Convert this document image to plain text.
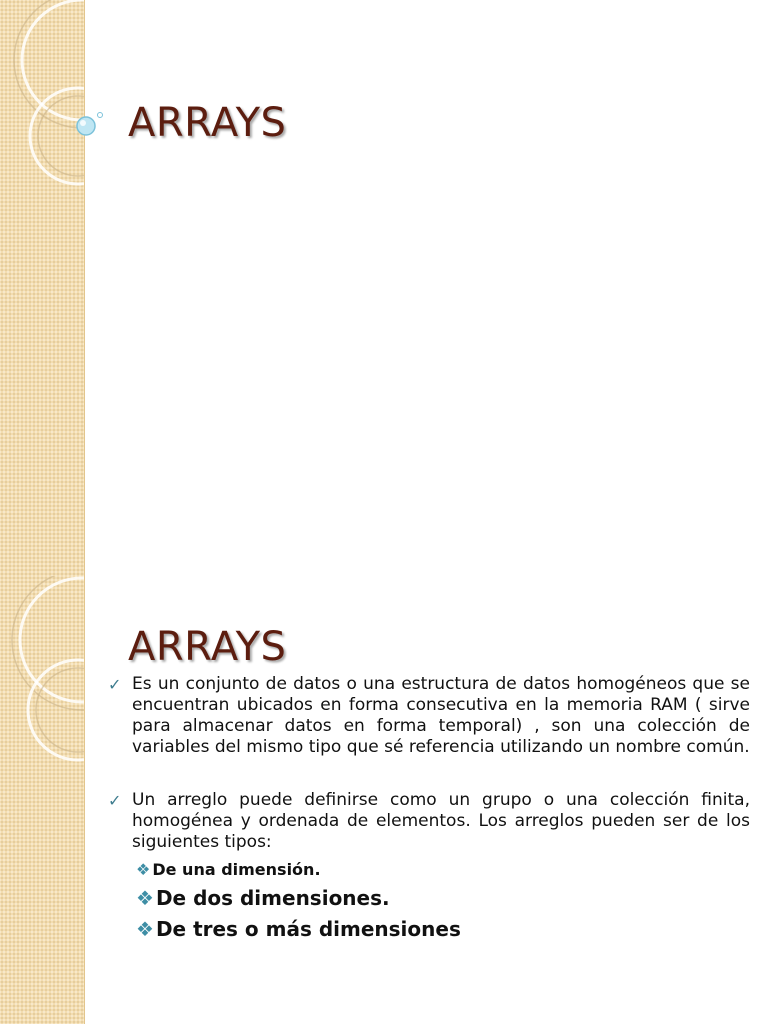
ARRAYS
ARRAYS
✓ Es un conjunto de datos o una estructura de datos homogéneos que se encuentran ubicados en forma consecutiva en la memoria RAM ( sirve para almacenar datos en forma temporal) , son una colección de variables del mismo tipo que sé referencia utilizando un nombre común.
✓ Un arreglo puede definirse como un grupo o una colección finita, homogénea y ordenada de elementos. Los arreglos pueden ser de los siguientes tipos:
❖ De una dimensión.
❖ De dos dimensiones.
❖ De tres o más dimensiones
